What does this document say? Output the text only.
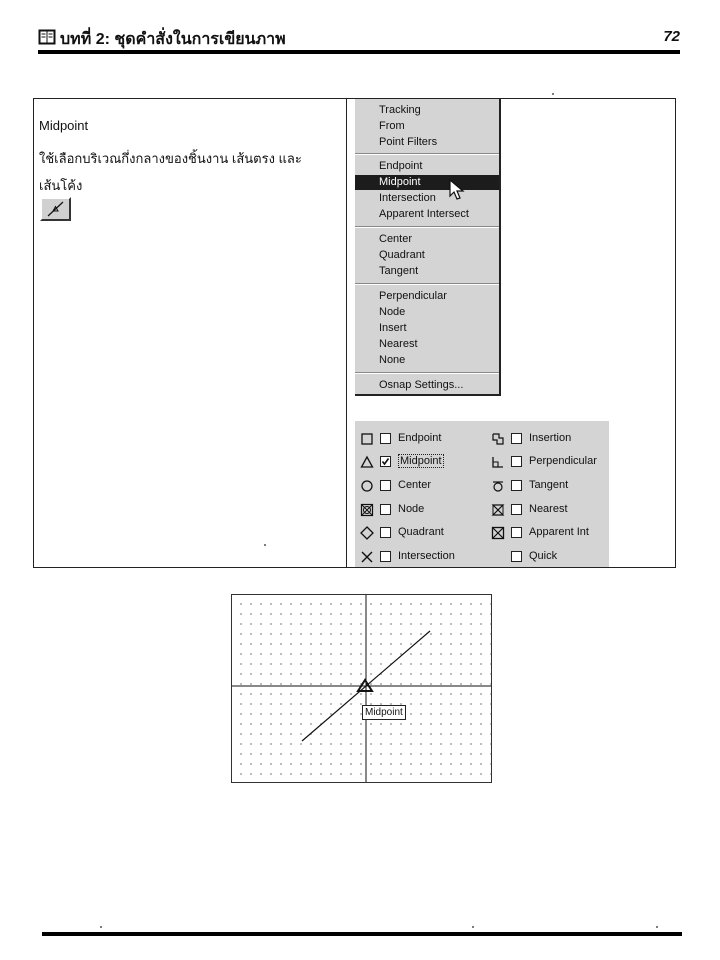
บทที่ 2: ชุดคำสั่งในการเขียนภาพ	72
Midpoint
ใช้เลือกบริเวณกึ่งกลางของชิ้นงาน เส้นตรง และ เส้นโค้ง
Tracking
From
Point Filters
Endpoint
Midpoint
Intersection
Apparent Intersect
Center
Quadrant
Tangent
Perpendicular
Node
Insert
Nearest
None
Osnap Settings...
Endpoint
Midpoint
Center
Node
Quadrant
Intersection
Insertion
Perpendicular
Tangent
Nearest
Apparent Int
Quick
Midpoint
